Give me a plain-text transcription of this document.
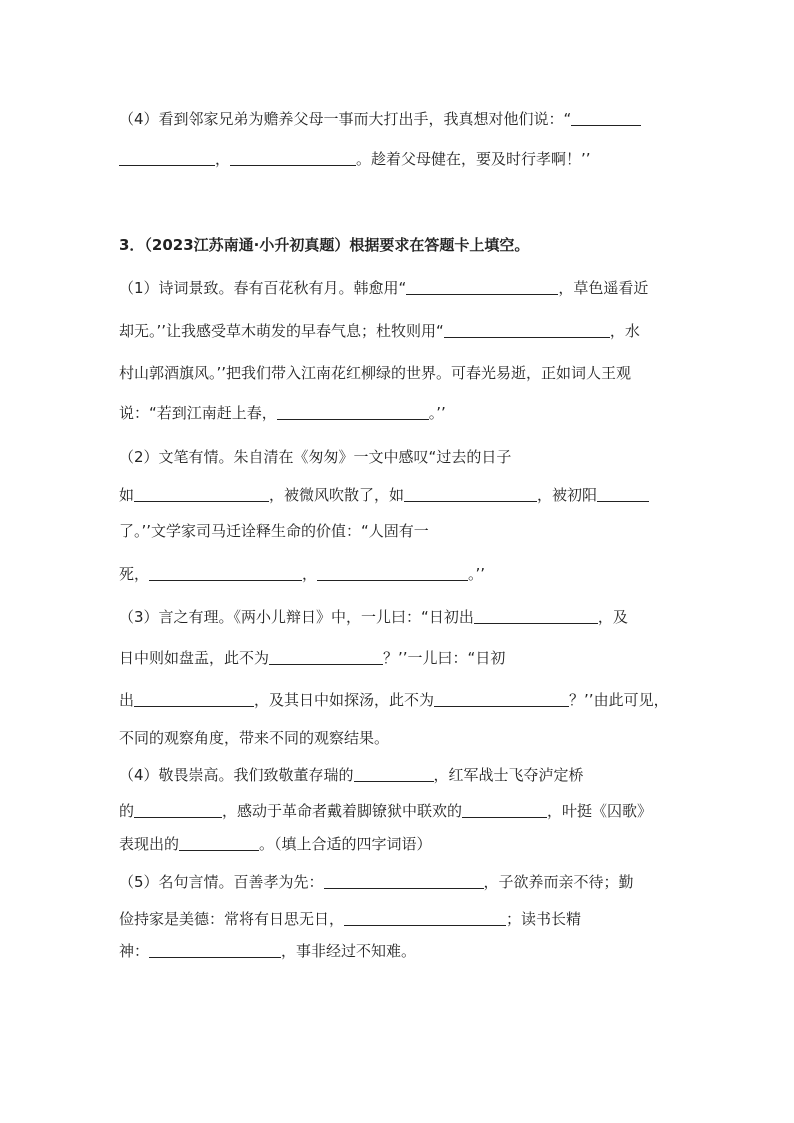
（4）看到邻家兄弟为赡养父母一事而大打出手，我真想对他们说：“
，	。趁着父母健在，要及时行孝啊！’’
3．（2023江苏南通·小升初真题）根据要求在答题卡上填空。
（1）诗词景致。春有百花秋有月。韩愈用“	，草色遥看近
却无。’’让我感受草木萌发的早春气息；杜牧则用“	，水
村山郭酒旗风。’’把我们带入江南花红柳绿的世界。可春光易逝，正如词人王观
说：“若到江南赶上春，	。’’
（2）文笔有情。朱自清在《匆匆》一文中感叹“过去的日子
如	，被微风吹散了，如	，被初阳
了。’’文学家司马迁诠释生命的价值：“人固有一
死，	，	。’’
（3）言之有理。《两小儿辩日》中，一儿曰：“日初出	，及
日中则如盘盂，此不为	？’’一儿曰：“日初
出	，及其日中如探汤，此不为	？’’由此可见，
不同的观察角度，带来不同的观察结果。
（4）敬畏崇高。我们致敬董存瑞的	，红军战士飞夺泸定桥
的	，感动于革命者戴着脚镣狱中联欢的	，叶挺《囚歌》
表现出的	。（填上合适的四字词语）
（5）名句言情。百善孝为先：	，子欲养而亲不待；勤
俭持家是美德：常将有日思无日，	；读书长精
神：	，事非经过不知难。
